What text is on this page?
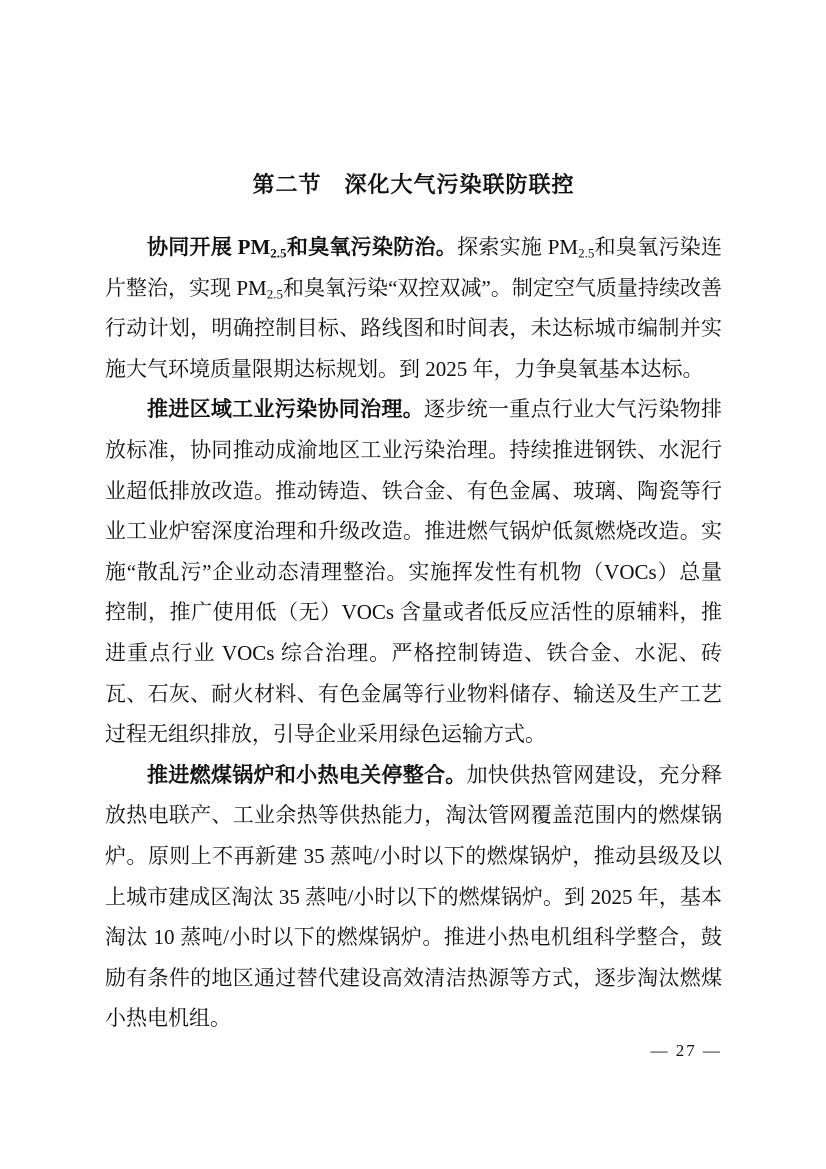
第二节　深化大气污染联防联控

协同开展 $PM_{2.5}$和臭氧污染防治。探索实施 $PM_{2.5}$和臭氧污染连片整治，实现 $PM_{2.5}$和臭氧污染“双控双减”。制定空气质量持续改善行动计划，明确控制目标、路线图和时间表，未达标城市编制并实施大气环境质量限期达标规划。到 2025 年，力争臭氧基本达标。

推进区域工业污染协同治理。逐步统一重点行业大气污染物排放标准，协同推动成渝地区工业污染治理。持续推进钢铁、水泥行业超低排放改造。推动铸造、铁合金、有色金属、玻璃、陶瓷等行业工业炉窑深度治理和升级改造。推进燃气锅炉低氮燃烧改造。实施“散乱污”企业动态清理整治。实施挥发性有机物（VOCs）总量控制，推广使用低（无）VOCs 含量或者低反应活性的原辅料，推进重点行业 VOCs 综合治理。严格控制铸造、铁合金、水泥、砖瓦、石灰、耐火材料、有色金属等行业物料储存、输送及生产工艺过程无组织排放，引导企业采用绿色运输方式。

推进燃煤锅炉和小热电关停整合。加快供热管网建设，充分释放热电联产、工业余热等供热能力，淘汰管网覆盖范围内的燃煤锅炉。原则上不再新建 35 蒸吨/小时以下的燃煤锅炉，推动县级及以上城市建成区淘汰 35 蒸吨/小时以下的燃煤锅炉。到 2025 年，基本淘汰 10 蒸吨/小时以下的燃煤锅炉。推进小热电机组科学整合，鼓励有条件的地区通过替代建设高效清洁热源等方式，逐步淘汰燃煤小热电机组。

— 27 —
